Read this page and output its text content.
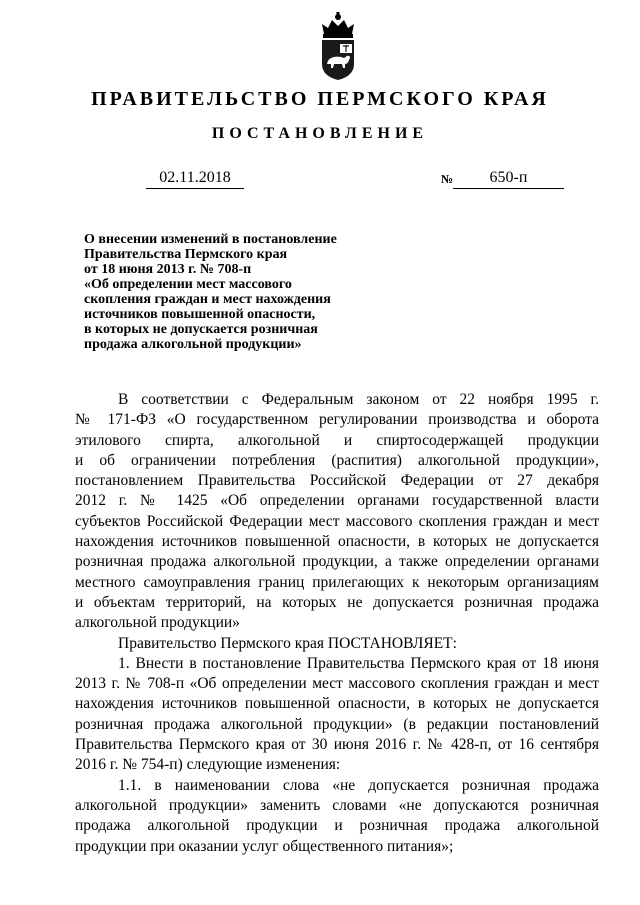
ПРАВИТЕЛЬСТВО ПЕРМСКОГО КРАЯ
ПОСТАНОВЛЕНИЕ
02.11.2018	№	650-п
О внесении изменений в постановление
Правительства Пермского края
от 18 июня 2013 г. № 708-п
«Об определении мест массового
скопления граждан и мест нахождения
источников повышенной опасности,
в которых не допускается розничная
продажа алкогольной продукции»
В соответствии с Федеральным законом от 22 ноября 1995 г.
№ 171-ФЗ «О государственном регулировании производства и оборота
этилового спирта, алкогольной и спиртосодержащей продукции
и об ограничении потребления (распития) алкогольной продукции»,
постановлением Правительства Российской Федерации от 27 декабря
2012 г. № 1425 «Об определении органами государственной власти
субъектов Российской Федерации мест массового скопления граждан и мест
нахождения источников повышенной опасности, в которых не допускается
розничная продажа алкогольной продукции, а также определении органами
местного самоуправления границ прилегающих к некоторым организациям
и объектам территорий, на которых не допускается розничная продажа
алкогольной продукции»
Правительство Пермского края ПОСТАНОВЛЯЕТ:
1. Внести в постановление Правительства Пермского края от 18 июня
2013 г. № 708-п «Об определении мест массового скопления граждан и мест
нахождения источников повышенной опасности, в которых не допускается
розничная продажа алкогольной продукции» (в редакции постановлений
Правительства Пермского края от 30 июня 2016 г. № 428-п, от 16 сентября
2016 г. № 754-п) следующие изменения:
1.1. в наименовании слова «не допускается розничная продажа
алкогольной продукции» заменить словами «не допускаются розничная
продажа алкогольной продукции и розничная продажа алкогольной
продукции при оказании услуг общественного питания»;
